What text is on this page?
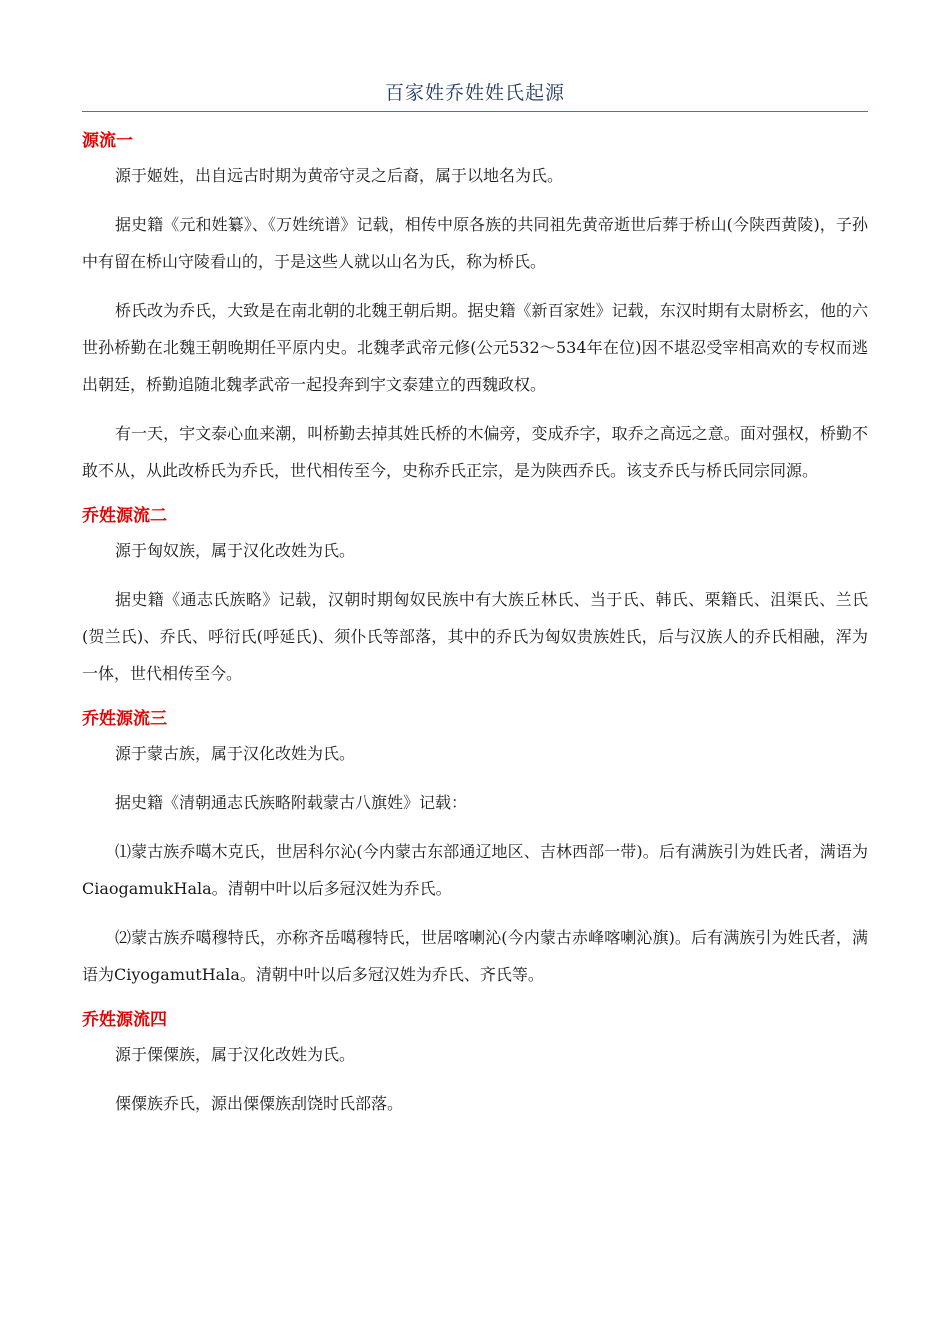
百家姓乔姓姓氏起源
源流一

源于姬姓，出自远古时期为黄帝守灵之后裔，属于以地名为氏。

据史籍《元和姓纂》、《万姓统谱》记载，相传中原各族的共同祖先黄帝逝世后葬于桥山(今陕西黄陵)，子孙中有留在桥山守陵看山的，于是这些人就以山名为氏，称为桥氏。

桥氏改为乔氏，大致是在南北朝的北魏王朝后期。据史籍《新百家姓》记载，东汉时期有太尉桥玄，他的六世孙桥勤在北魏王朝晚期任平原内史。北魏孝武帝元修(公元532～534年在位)因不堪忍受宰相高欢的专权而逃出朝廷，桥勤追随北魏孝武帝一起投奔到宇文泰建立的西魏政权。

有一天，宇文泰心血来潮，叫桥勤去掉其姓氏桥的木偏旁，变成乔字，取乔之高远之意。面对强权，桥勤不敢不从，从此改桥氏为乔氏，世代相传至今，史称乔氏正宗，是为陕西乔氏。该支乔氏与桥氏同宗同源。

乔姓源流二

源于匈奴族，属于汉化改姓为氏。

据史籍《通志氏族略》记载，汉朝时期匈奴民族中有大族丘林氏、当于氏、韩氏、栗籍氏、沮渠氏、兰氏(贺兰氏)、乔氏、呼衍氏(呼延氏)、须仆氏等部落，其中的乔氏为匈奴贵族姓氏，后与汉族人的乔氏相融，浑为一体，世代相传至今。

乔姓源流三

源于蒙古族，属于汉化改姓为氏。

据史籍《清朝通志氏族略附载蒙古八旗姓》记载：

⑴蒙古族乔噶木克氏，世居科尔沁(今内蒙古东部通辽地区、吉林西部一带)。后有满族引为姓氏者，满语为CiaogamukHala。清朝中叶以后多冠汉姓为乔氏。

⑵蒙古族乔噶穆特氏，亦称齐岳噶穆特氏，世居喀喇沁(今内蒙古赤峰喀喇沁旗)。后有满族引为姓氏者，满语为CiyogamutHala。清朝中叶以后多冠汉姓为乔氏、齐氏等。

乔姓源流四

源于傈僳族，属于汉化改姓为氏。

傈僳族乔氏，源出傈僳族刮饶时氏部落。
